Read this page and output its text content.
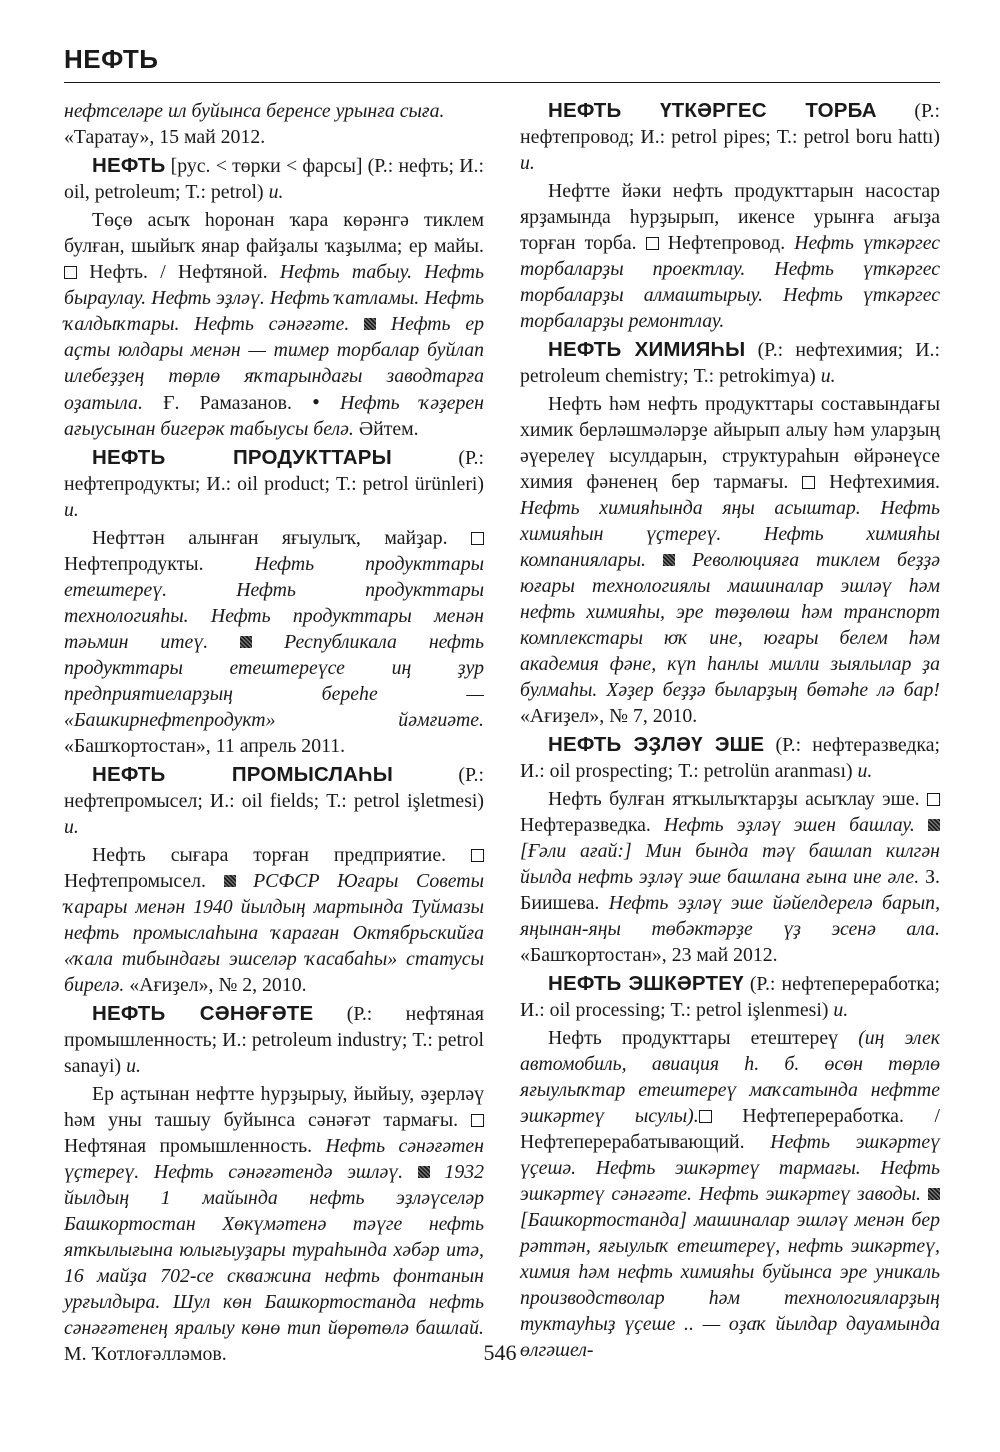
НЕФТЬ

нефтселәре ил буйынса беренсе урынға сыға.

«Таратау», 15 май 2012.

НЕФТЬ [рус. < төрки < фарсы] (Р.: нефть; И.: oil, petroleum; Т.: petrol) и.

Төҫө асыҡ һоронан ҡара көрәнгә тиклем булған, шыйыҡ янар файҙалы ҡаҙылма; ер майы.  Нефть. / Нефтяной. Нефть табыу. Нефть быраулау. Нефть эҙләү. Нефть ҡатламы. Нефть ҡалдыҡтары. Нефть сәнәғәте.  Нефть ер аҫты юлдары менән — тимер торбалар буйлап илебеҙҙең төрлө яҡтарындағы заводтарға оҙатыла. Ғ. Рамазанов. • Нефть ҡәҙерен ағыусынан бигерәк табыусы белә. Әйтем.

НЕФТЬ ПРОДУКТТАРЫ (Р.: нефтепродукты; И.: oil product; Т.: petrol ürünleri) и.

Нефттән алынған яғыулыҡ, майҙар.  Нефтепродукты. Нефть продукттары етештереү. Нефть продукттары технологияһы. Нефть продукттары менән тәьмин итеү.  Республикала нефть продукттары етештереүсе иң ҙур предприятиеларҙың береһе — «Башкирнефтепродукт» йәмғиәте. «Башҡортостан», 11 апрель 2011.

НЕФТЬ ПРОМЫСЛАҺЫ (Р.: нефтепромысел; И.: oil fields; Т.: petrol işletmesi) и.

Нефть сығара торған предприятие.  Нефтепромысел.  РСФСР Юғары Советы ҡарары менән 1940 йылдың мартында Туймазы нефть промыслаһына ҡараған Октябрьскийға «ҡала тибындағы эшселәр ҡасабаһы» статусы бирелә. «Ағиҙел», № 2, 2010.

НЕФТЬ СӘНӘҒӘТЕ (Р.: нефтяная промышленность; И.: petroleum industry; Т.: petrol sanayi) и.

Ер аҫтынан нефтте һурҙырыу, йыйыу, әҙерләү һәм уны ташыу буйынса сәнәғәт тармағы.  Нефтяная промышленность. Нефть сәнәғәтен үҫтереү. Нефть сәнәғәтендә эшләү.  1932 йылдың 1 майында нефть эҙләүселәр Башкортостан Хөкүмәтенә тәүге нефть яткылығына юлығыуҙары тураһында хәбәр итә, 16 майҙа 702-се скважина нефть фонтанын урғылдыра. Шул көн Башкортостанда нефть сәнәғәтенең яралыу көнө тип йөрөтөлә башлай. М. Ҡотлоғәлләмов.

НЕФТЬ ҮТКӘРГЕС ТОРБА (Р.: нефтепровод; И.: petrol pipes; Т.: petrol boru hattı) и.

Нефтте йәки нефть продукттарын насостар ярҙамында һурҙырып, икенсе урынға ағыҙа торған торба.  Нефтепровод. Нефть үткәргес торбаларҙы проектлау. Нефть үткәргес торбаларҙы алмаштырыу. Нефть үткәргес торбаларҙы ремонтлау.

НЕФТЬ ХИМИЯҺЫ (Р.: нефтехимия; И.: petroleum chemistry; Т.: petrokimya) и.

Нефть һәм нефть продукттары составындағы химик берләшмәләрҙе айырып алыу һәм уларҙың әүерелеү ысулдарын, структураһын өйрәнеүсе химия фәненең бер тармағы.  Нефтехимия. Нефть химияһында яңы асыштар. Нефть химияһын үҫтереү. Нефть химияһы компаниялары.  Революцияға тиклем беҙҙә юғары технологиялы машиналар эшләү һәм нефть химияһы, эре төҙөлөш һәм транспорт комплекстары юҡ ине, юғары белем һәм академия фәне, күп һанлы милли зыялылар ҙа булмаһы. Хәҙер беҙҙә быларҙың бөтәһе лә бар! «Ағиҙел», № 7, 2010.

НЕФТЬ ЭҘЛӘҮ ЭШЕ (Р.: нефтеразведка; И.: oil prospecting; Т.: petrolün aranması) и.

Нефть булған ятҡылыҡтарҙы асыҡлау эше.  Нефтеразведка. Нефть эҙләү эшен башлау.  [Ғәли ағай:] Мин бында тәү башлап килгән йылда нефть эҙләү эше башлана ғына ине әле. З. Биишева. Нефть эҙләү эше йәйелдерелә барып, яңынан-яңы төбәктәрҙе үҙ эсенә ала. «Башҡортостан», 23 май 2012.

НЕФТЬ ЭШКӘРТЕҮ (Р.: нефтепереработка; И.: oil processing; Т.: petrol işlenmesi) и.

Нефть продукттары етештереү (иң элек автомобиль, авиация һ. б. өсөн төрлө яғыулыҡтар етештереү маҡсатында нефтте эшкәртеү ысулы). Нефтепереработка. / Нефтеперерабатывающий. Нефть эшкәртеү үҫешә. Нефть эшкәртеү тармағы. Нефть эшкәртеү сәнәғәте. Нефть эшкәртеү заводы.  [Башкортостанда] машиналар эшләү менән бер рәттән, яғыулыҡ етештереү, нефть эшкәртеү, химия һәм нефть химияһы буйынса эре уникаль производстволар һәм технологияларҙың туктауһыҙ үҫеше .. — оҙаҡ йылдар дауамында өлгәшел-

546
